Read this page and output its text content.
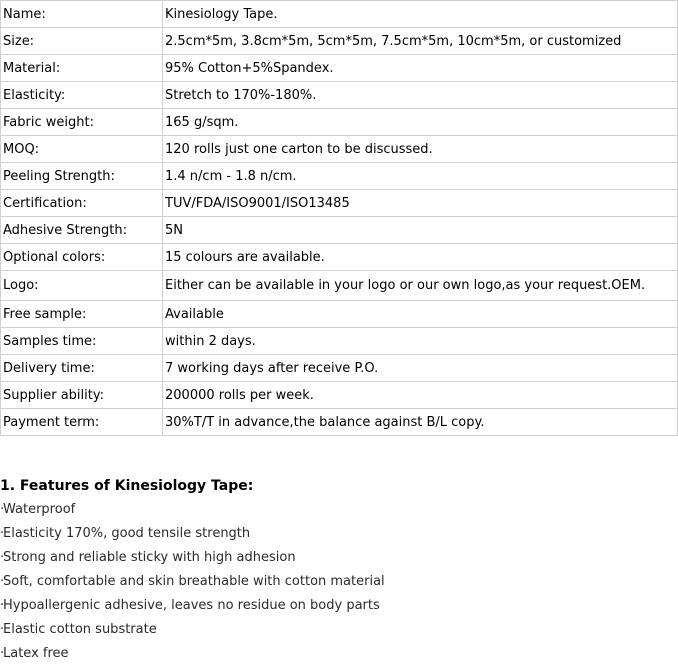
Name:	Kinesiology Tape.
Size:	2.5cm*5m, 3.8cm*5m, 5cm*5m, 7.5cm*5m, 10cm*5m, or customized
Material:	95% Cotton+5%Spandex.
Elasticity:	Stretch to 170%-180%.
Fabric weight:	165 g/sqm.
MOQ:	120 rolls just one carton to be discussed.
Peeling Strength:	1.4 n/cm - 1.8 n/cm.
Certification:	TUV/FDA/ISO9001/ISO13485
Adhesive Strength:	5N
Optional colors:	15 colours are available.
Logo:	Either can be available in your logo or our own logo,as your request.OEM.
Free sample:	Available
Samples time:	within 2 days.
Delivery time:	7 working days after receive P.O.
Supplier ability:	200000 rolls per week.
Payment term:	30%T/T in advance,the balance against B/L copy.
1. Features of Kinesiology Tape:
·Waterproof
·Elasticity 170%, good tensile strength
·Strong and reliable sticky with high adhesion
·Soft, comfortable and skin breathable with cotton material
·Hypoallergenic adhesive, leaves no residue on body parts
·Elastic cotton substrate
·Latex free
